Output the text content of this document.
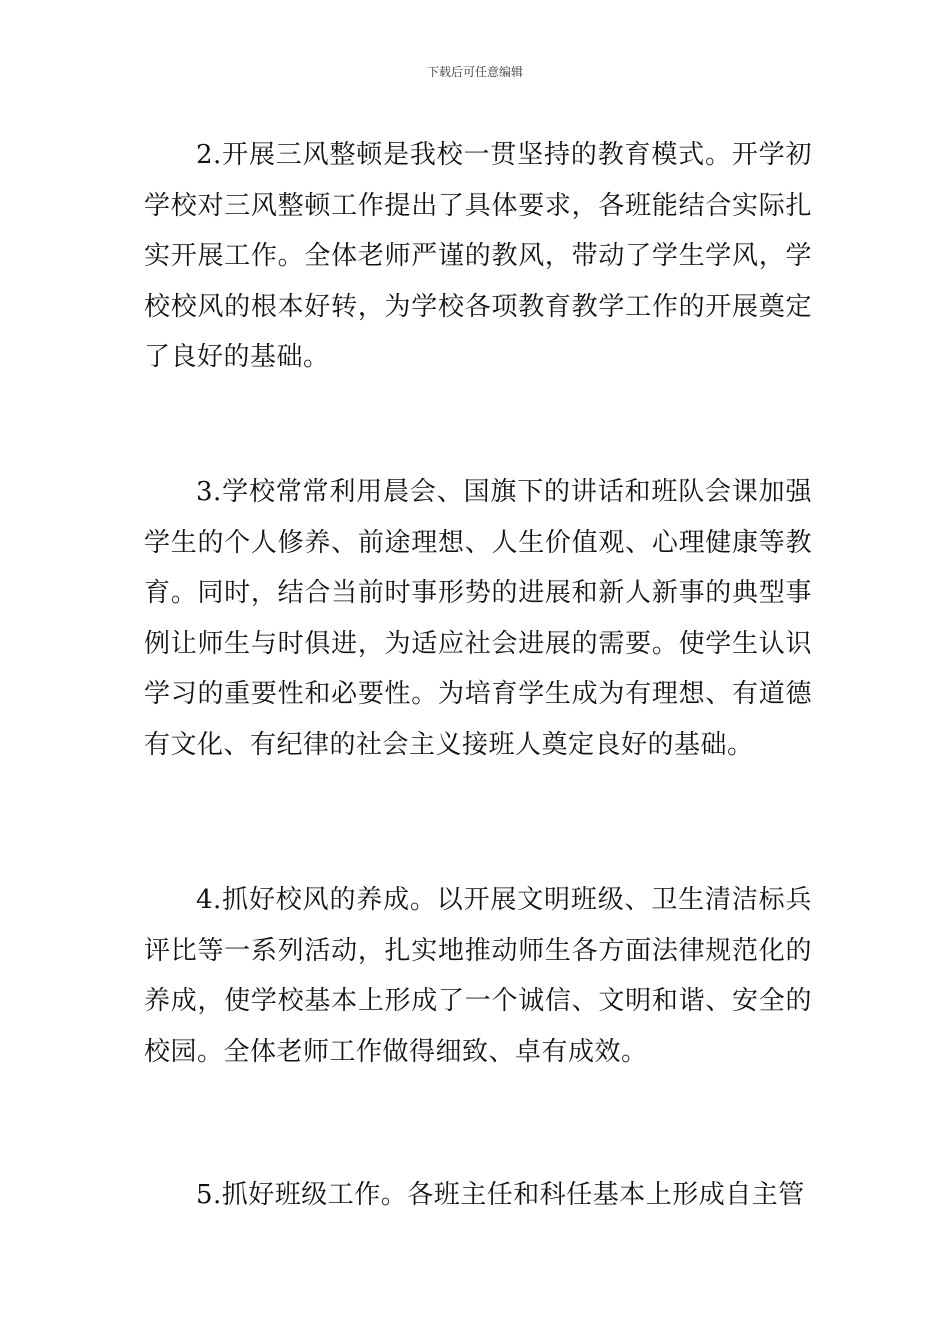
下载后可任意编辑

2.开展三风整顿是我校一贯坚持的教育模式。开学初学校对三风整顿工作提出了具体要求，各班能结合实际扎实开展工作。全体老师严谨的教风，带动了学生学风，学校校风的根本好转，为学校各项教育教学工作的开展奠定了良好的基础。

3.学校常常利用晨会、国旗下的讲话和班队会课加强学生的个人修养、前途理想、人生价值观、心理健康等教育。同时，结合当前时事形势的进展和新人新事的典型事例让师生与时俱进，为适应社会进展的需要。使学生认识学习的重要性和必要性。为培育学生成为有理想、有道德有文化、有纪律的社会主义接班人奠定良好的基础。

4.抓好校风的养成。以开展文明班级、卫生清洁标兵评比等一系列活动，扎实地推动师生各方面法律规范化的养成，使学校基本上形成了一个诚信、文明和谐、安全的校园。全体老师工作做得细致、卓有成效。

5.抓好班级工作。各班主任和科任基本上形成自主管
